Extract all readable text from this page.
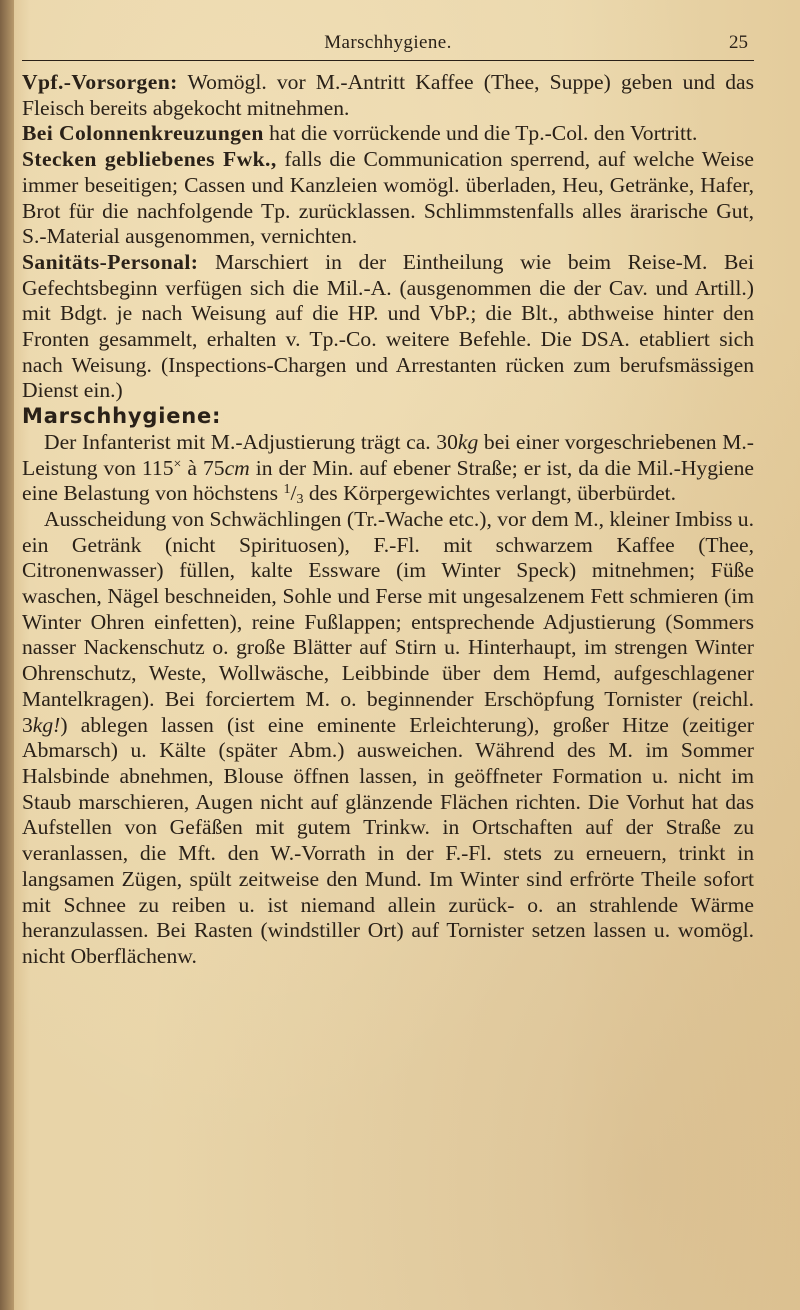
Marschhygiene.	25

Vpf.-Vorsorgen: Womögl. vor M.-Antritt Kaffee (Thee, Suppe) geben und das Fleisch bereits abgekocht mitnehmen.

Bei Colonnenkreuzungen hat die vorrückende und die Tp.-Col. den Vortritt.

Stecken gebliebenes Fwk., falls die Communication sperrend, auf welche Weise immer beseitigen; Cassen und Kanzleien womögl. überladen, Heu, Getränke, Hafer, Brot für die nachfolgende Tp. zurücklassen. Schlimmstenfalls alles ärarische Gut, S.-Material ausgenommen, vernichten.

Sanitäts-Personal: Marschiert in der Eintheilung wie beim Reise-M. Bei Gefechtsbeginn verfügen sich die Mil.-A. (ausgenommen die der Cav. und Artill.) mit Bdgt. je nach Weisung auf die HP. und VbP.; die Blt., abthweise hinter den Fronten gesammelt, erhalten v. Tp.-Co. weitere Befehle. Die DSA. etabliert sich nach Weisung. (Inspections-Chargen und Arrestanten rücken zum berufsmässigen Dienst ein.)

Marschhygiene:

Der Infanterist mit M.-Adjustierung trägt ca. 30kg bei einer vorgeschriebenen M.-Leistung von 115× à 75cm in der Min. auf ebener Straße; er ist, da die Mil.-Hygiene eine Belastung von höchstens $^1/_3$ des Körpergewichtes verlangt, überbürdet.

Ausscheidung von Schwächlingen (Tr.-Wache etc.), vor dem M., kleiner Imbiss u. ein Getränk (nicht Spirituosen), F.-Fl. mit schwarzem Kaffee (Thee, Citronenwasser) füllen, kalte Essware (im Winter Speck) mitnehmen; Füße waschen, Nägel beschneiden, Sohle und Ferse mit ungesalzenem Fett schmieren (im Winter Ohren einfetten), reine Fußlappen; entsprechende Adjustierung (Sommers nasser Nackenschutz o. große Blätter auf Stirn u. Hinterhaupt, im strengen Winter Ohrenschutz, Weste, Wollwäsche, Leibbinde über dem Hemd, aufgeschlagener Mantelkragen). Bei forciertem M. o. beginnender Erschöpfung Tornister (reichl. 3kg!) ablegen lassen (ist eine eminente Erleichterung), großer Hitze (zeitiger Abmarsch) u. Kälte (später Abm.) ausweichen. Während des M. im Sommer Halsbinde abnehmen, Blouse öffnen lassen, in geöffneter Formation u. nicht im Staub marschieren, Augen nicht auf glänzende Flächen richten. Die Vorhut hat das Aufstellen von Gefäßen mit gutem Trinkw. in Ortschaften auf der Straße zu veranlassen, die Mft. den W.-Vorrath in der F.-Fl. stets zu erneuern, trinkt in langsamen Zügen, spült zeitweise den Mund. Im Winter sind erfrörte Theile sofort mit Schnee zu reiben u. ist niemand allein zurück- o. an strahlende Wärme heranzulassen. Bei Rasten (windstiller Ort) auf Tornister setzen lassen u. womögl. nicht Oberflächenw.
